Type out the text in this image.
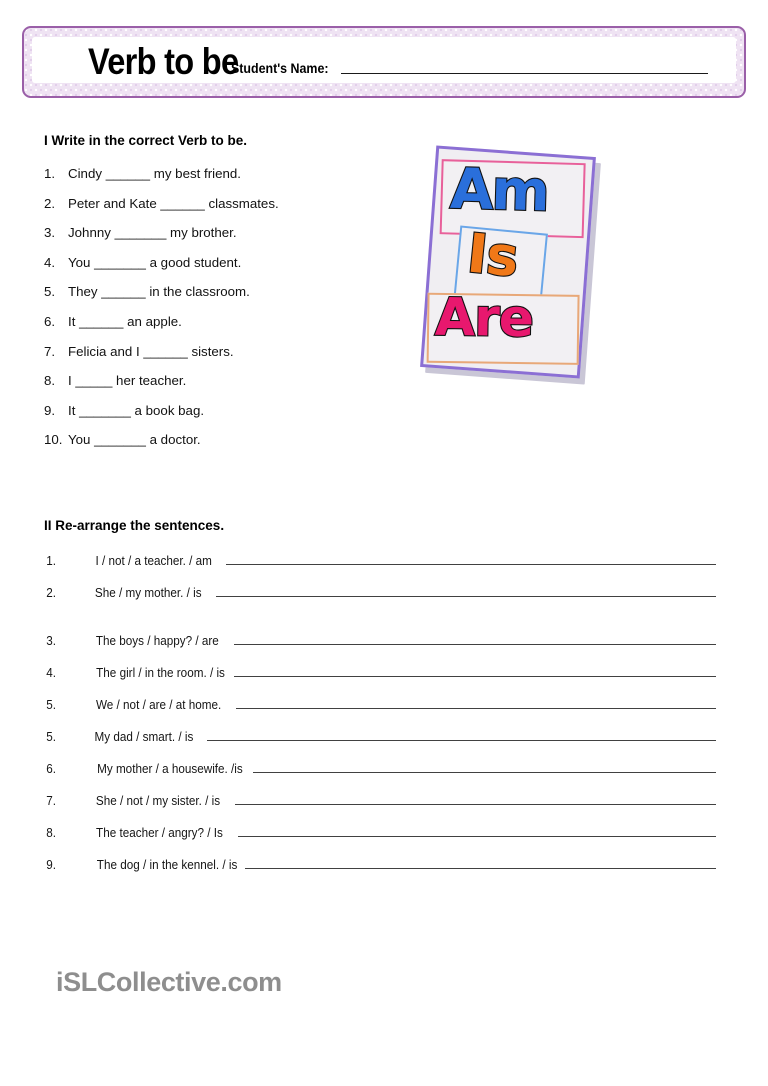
Verb to be
Student's Name:
I Write in the correct Verb to be.
1. Cindy ______ my best friend.
2. Peter and Kate ______ classmates.
3. Johnny _______ my brother.
4. You _______ a good student.
5. They ______ in the classroom.
6. It ______ an apple.
7. Felicia and I ______ sisters.
8. I _____ her teacher.
9. It _______ a book bag.
10. You _______ a doctor.
Am
Is
Are
II Re-arrange the sentences.
1.	I / not / a teacher. / am
2.	She / my mother. / is
3.	The boys / happy? / are
4.	The girl / in the room. / is
5.	We / not / are / at home.
5.	My dad / smart. / is
6.	My mother / a housewife. /is
7.	She / not / my sister. / is
8.	The teacher / angry? / Is
9.	The dog / in the kennel. / is
iSLCollective.com
